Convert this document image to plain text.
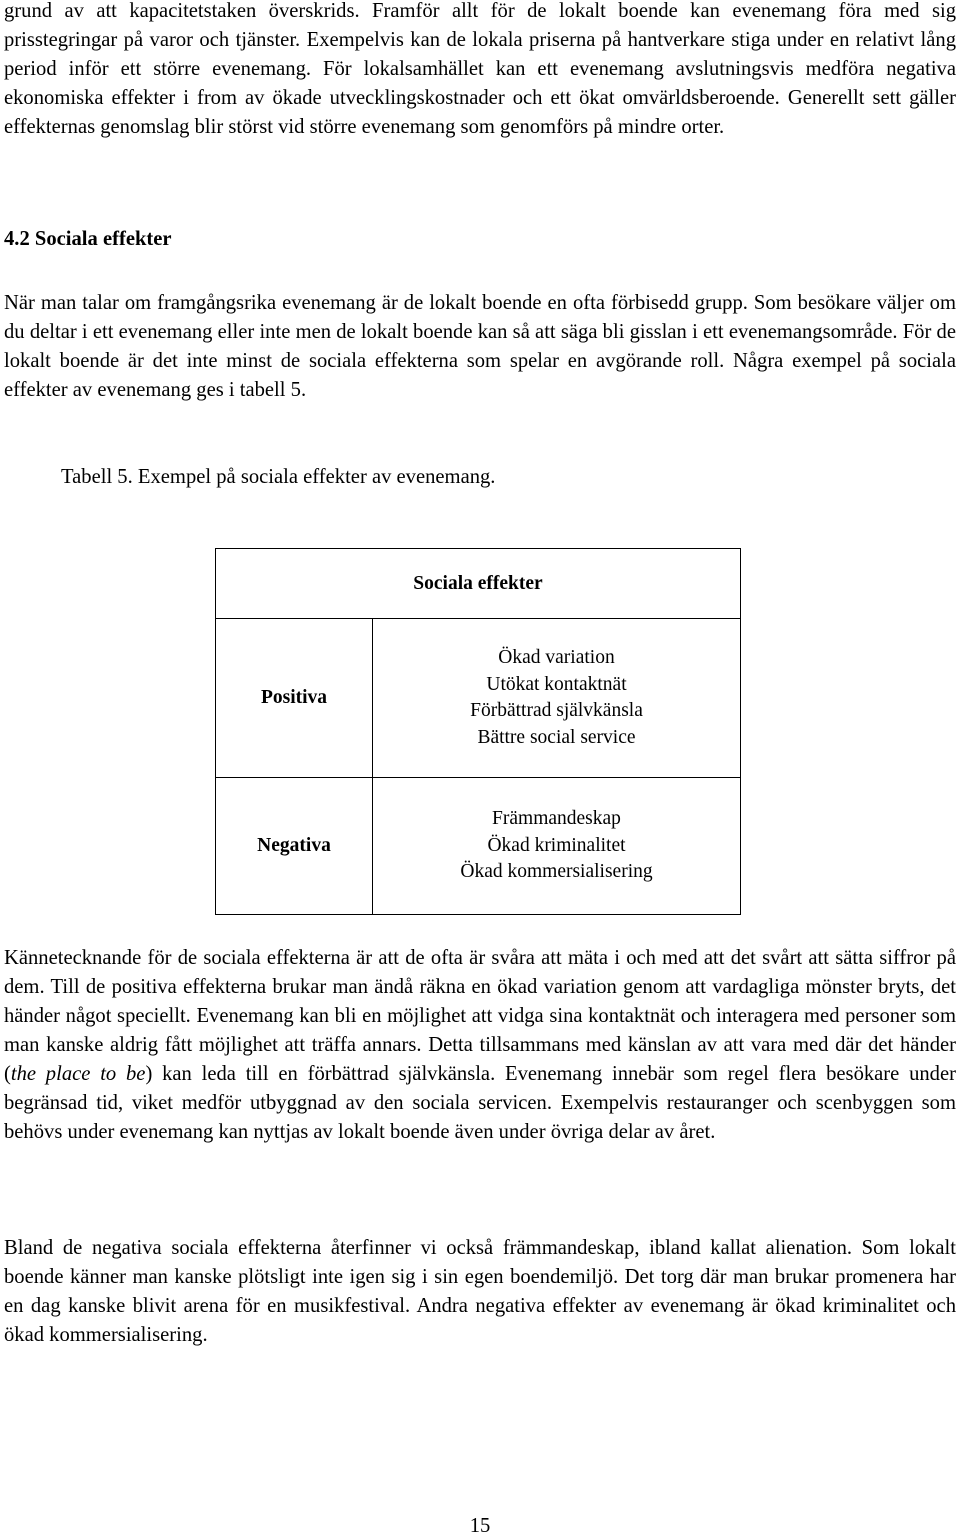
grund av att kapacitetstaken överskrids. Framför allt för de lokalt boende kan evenemang föra med sig prisstegringar på varor och tjänster. Exempelvis kan de lokala priserna på hantverkare stiga under en relativt lång period inför ett större evenemang. För lokalsamhället kan ett evenemang avslutningsvis medföra negativa ekonomiska effekter i from av ökade utvecklingskostnader och ett ökat omvärldsberoende. Generellt sett gäller effekternas genomslag blir störst vid större evenemang som genomförs på mindre orter.

4.2 Sociala effekter

När man talar om framgångsrika evenemang är de lokalt boende en ofta förbisedd grupp. Som besökare väljer om du deltar i ett evenemang eller inte men de lokalt boende kan så att säga bli gisslan i ett evenemangsområde. För de lokalt boende är det inte minst de sociala effekterna som spelar en avgörande roll. Några exempel på sociala effekter av evenemang ges i tabell 5.

Tabell 5. Exempel på sociala effekter av evenemang.

Sociala effekter	
Positiva	Ökad variation
Utökat kontaktnät
Förbättrad självkänsla
Bättre social service

Negativa	Främmandeskap
Ökad kriminalitet
Ökad kommersialisering

Kännetecknande för de sociala effekterna är att de ofta är svåra att mäta i och med att det svårt att sätta siffror på dem. Till de positiva effekterna brukar man ändå räkna en ökad variation genom att vardagliga mönster bryts, det händer något speciellt. Evenemang kan bli en möjlighet att vidga sina kontaktnät och interagera med personer som man kanske aldrig fått möjlighet att träffa annars. Detta tillsammans med känslan av att vara med där det händer (the place to be) kan leda till en förbättrad självkänsla. Evenemang innebär som regel flera besökare under begränsad tid, viket medför utbyggnad av den sociala servicen. Exempelvis restauranger och scenbyggen som behövs under evenemang kan nyttjas av lokalt boende även under övriga delar av året.

Bland de negativa sociala effekterna återfinner vi också främmandeskap, ibland kallat alienation. Som lokalt boende känner man kanske plötsligt inte igen sig i sin egen boendemiljö. Det torg där man brukar promenera har en dag kanske blivit arena för en musikfestival. Andra negativa effekter av evenemang är ökad kriminalitet och ökad kommersialisering.

15
